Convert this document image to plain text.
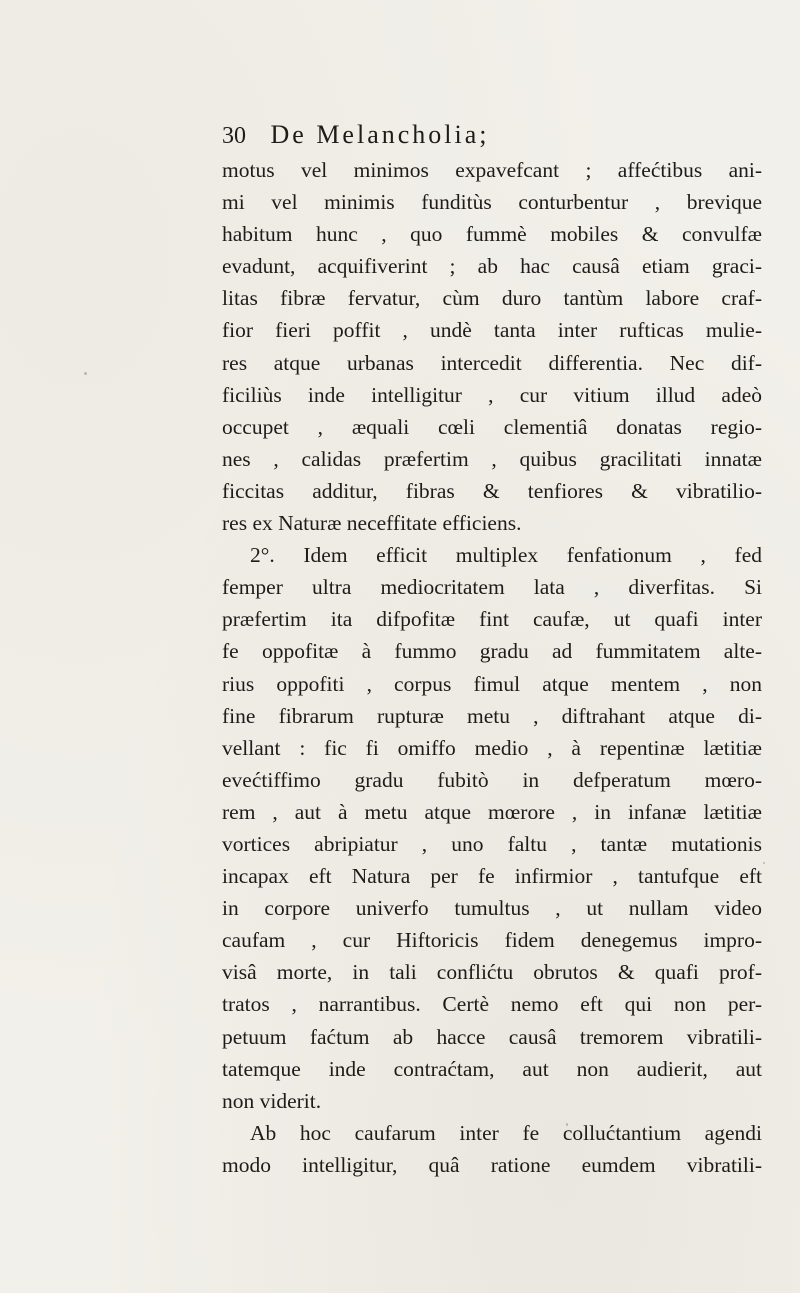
30 De Melancholia;
motus vel minimos expavefcant ; affećtibus ani-
mi vel minimis funditùs conturbentur , brevique
habitum hunc , quo fummè mobiles & convulfæ
evadunt, acquifiverint ; ab hac causâ etiam graci-
litas fibræ fervatur, cùm duro tantùm labore craf-
fior fieri poffit , undè tanta inter rufticas mulie-
res atque urbanas intercedit differentia. Nec dif-
ficiliùs inde intelligitur , cur vitium illud adeò
occupet , æquali cœli clementiâ donatas regio-
nes , calidas præfertim , quibus gracilitati innatæ
ficcitas additur, fibras & tenfiores & vibratilio-
res ex Naturæ neceffitate efficiens.
2°. Idem efficit multiplex fenfationum , fed
femper ultra mediocritatem lata , diverfitas. Si
præfertim ita difpofitæ fint caufæ, ut quafi inter
fe oppofitæ à fummo gradu ad fummitatem alte-
rius oppofiti , corpus fimul atque mentem , non
fine fibrarum rupturæ metu , diftrahant atque di-
vellant : fic fi omiffo medio , à repentinæ lætitiæ
evećtiffimo gradu fubitò in defperatum mœro-
rem , aut à metu atque mœrore , in infanæ lætitiæ
vortices abripiatur , uno faltu , tantæ mutationis
incapax eft Natura per fe infirmior , tantufque eft
in corpore univerfo tumultus , ut nullam video
caufam , cur Hiftoricis fidem denegemus impro-
visâ morte, in tali conflićtu obrutos & quafi prof-
tratos , narrantibus. Certè nemo eft qui non per-
petuum faćtum ab hacce causâ tremorem vibratili-
tatemque inde contraćtam, aut non audierit, aut
non viderit.
Ab hoc caufarum inter fe collućtantium agendi
modo intelligitur, quâ ratione eumdem vibratili-
